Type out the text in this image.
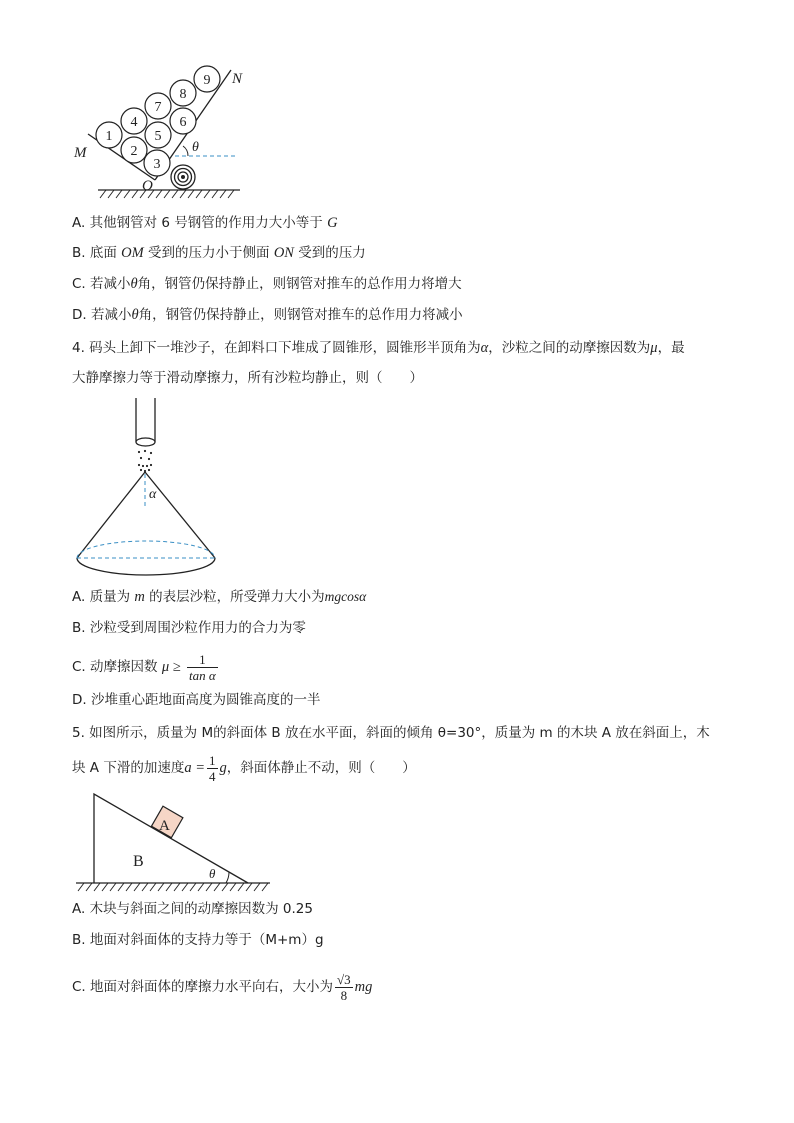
θ
1
2
3
4
5
6
7
8
9
M
N
O
A. 其他钢管对 6 号钢管的作用力大小等于 G
B. 底面 OM 受到的压力小于侧面 ON 受到的压力
C. 若减小θ角，钢管仍保持静止，则钢管对推车的总作用力将增大
D. 若减小θ角，钢管仍保持静止，则钢管对推车的总作用力将减小
4. 码头上卸下一堆沙子，在卸料口下堆成了圆锥形，圆锥形半顶角为α，沙粒之间的动摩擦因数为μ，最
大静摩擦力等于滑动摩擦力，所有沙粒均静止，则（　　）
α
A. 质量为 m 的表层沙粒，所受弹力大小为mgcosα
B. 沙粒受到周围沙粒作用力的合力为零
C. 动摩擦因数 $\mu \ge \frac{1}{\text{tan α}}$
D. 沙堆重心距地面高度为圆锥高度的一半
5. 如图所示，质量为 M的斜面体 B 放在水平面，斜面的倾角 θ=30°，质量为 m 的木块 A 放在斜面上，木
块 A 下滑的加速度$a = \frac{1}{4}$ g，斜面体静止不动，则（　　）
A
B
θ
A. 木块与斜面之间的动摩擦因数为 0.25
B. 地面对斜面体的支持力等于（M+m）g
C. 地面对斜面体的摩擦力水平向右，大小为 $\frac{√3}{8}$ mg
